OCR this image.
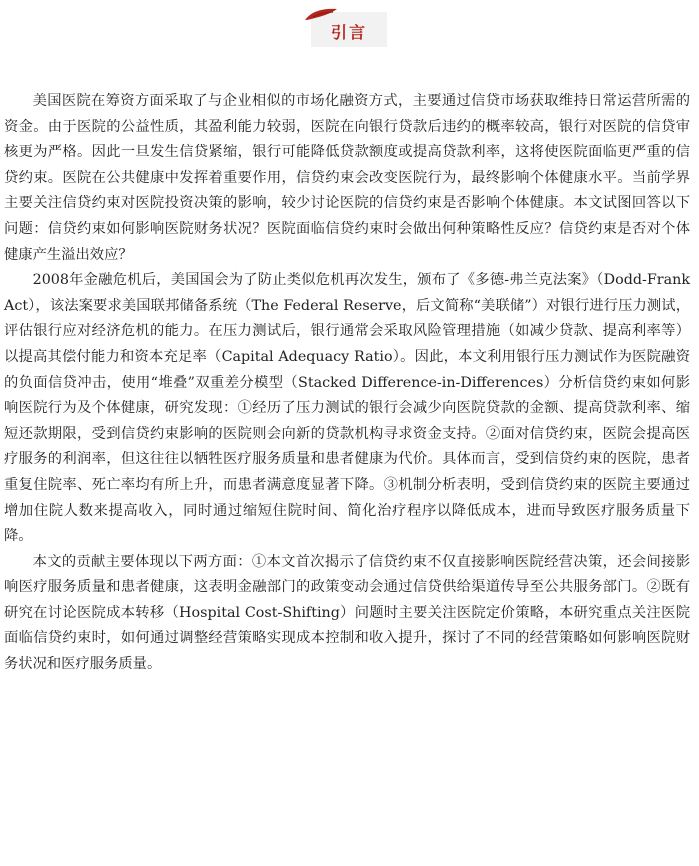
引言

美国医院在筹资方面采取了与企业相似的市场化融资方式，主要通过信贷市场获取维持日常运营所需的资金。由于医院的公益性质，其盈利能力较弱，医院在向银行贷款后违约的概率较高，银行对医院的信贷审核更为严格。因此一旦发生信贷紧缩，银行可能降低贷款额度或提高贷款利率，这将使医院面临更严重的信贷约束。医院在公共健康中发挥着重要作用，信贷约束会改变医院行为，最终影响个体健康水平。当前学界主要关注信贷约束对医院投资决策的影响，较少讨论医院的信贷约束是否影响个体健康。本文试图回答以下问题：信贷约束如何影响医院财务状况？医院面临信贷约束时会做出何种策略性反应？信贷约束是否对个体健康产生溢出效应？

2008年金融危机后，美国国会为了防止类似危机再次发生，颁布了《多德-弗兰克法案》（Dodd-Frank Act），该法案要求美国联邦储备系统（The Federal Reserve，后文简称“美联储”）对银行进行压力测试，评估银行应对经济危机的能力。在压力测试后，银行通常会采取风险管理措施（如减少贷款、提高利率等）以提高其偿付能力和资本充足率（Capital Adequacy Ratio）。因此，本文利用银行压力测试作为医院融资的负面信贷冲击，使用“堆叠”双重差分模型（Stacked Difference-in-Differences）分析信贷约束如何影响医院行为及个体健康，研究发现：①经历了压力测试的银行会减少向医院贷款的金额、提高贷款利率、缩短还款期限，受到信贷约束影响的医院则会向新的贷款机构寻求资金支持。②面对信贷约束，医院会提高医疗服务的利润率，但这往往以牺牲医疗服务质量和患者健康为代价。具体而言，受到信贷约束的医院，患者重复住院率、死亡率均有所上升，而患者满意度显著下降。③机制分析表明，受到信贷约束的医院主要通过增加住院人数来提高收入，同时通过缩短住院时间、简化治疗程序以降低成本，进而导致医疗服务质量下降。

本文的贡献主要体现以下两方面：①本文首次揭示了信贷约束不仅直接影响医院经营决策，还会间接影响医疗服务质量和患者健康，这表明金融部门的政策变动会通过信贷供给渠道传导至公共服务部门。②既有研究在讨论医院成本转移（Hospital Cost-Shifting）问题时主要关注医院定价策略，本研究重点关注医院面临信贷约束时，如何通过调整经营策略实现成本控制和收入提升，探讨了不同的经营策略如何影响医院财务状况和医疗服务质量。
